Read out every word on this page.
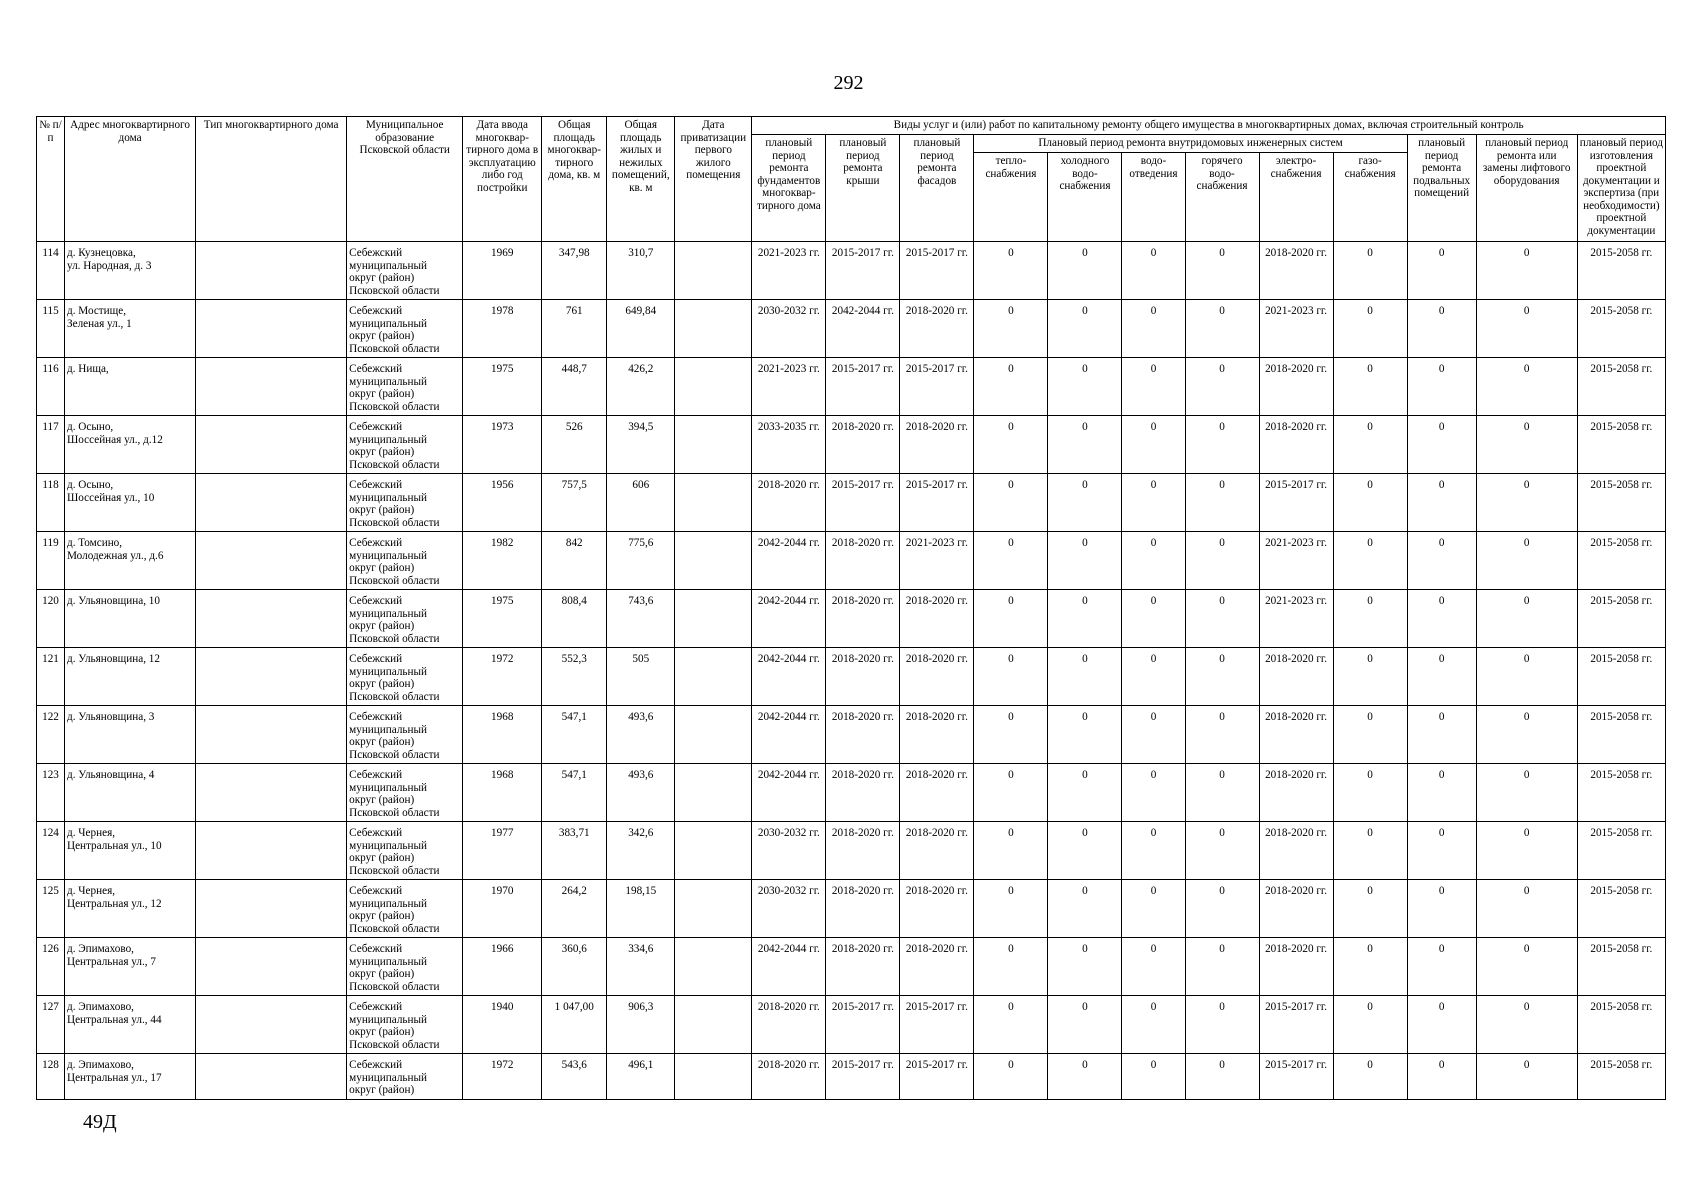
292
№ п/п	Адрес многоквартирного дома	Тип многоквартирного дома	Муниципальное образование Псковской области	Дата ввода многоквар-тирного дома в эксплуатацию либо год постройки	Общая площадь многоквар-тирного дома, кв. м	Общая площадь жилых и нежилых помещений, кв. м	Дата приватизации первого жилого помещения	Виды услуг и (или) работ по капитальному ремонту общего имущества в многоквартирных домах, включая строительный контроль											
								плановый период ремонта фундаментов многоквар-тирного дома	плановый период ремонта крыши	плановый период ремонта фасадов	Плановый период ремонта внутридомовых инженерных систем						плановый период ремонта подвальных помещений	плановый период ремонта или замены лифтового оборудования	плановый период изготовления проектной документации и экспертиза (при необходимости) проектной документации
											тепло-снабжения	холодного водо-снабжения	водо-отведения	горячего водо-снабжения	электро-снабжения	газо-снабжения			
114	д. Кузнецовка,
ул. Народная, д. 3		Себежский
муниципальный
округ (район)
Псковской области	1969	347,98	310,7		2021-2023 гг.	2015-2017 гг.	2015-2017 гг.	0	0	0	0	2018-2020 гг.	0	0	0	2015-2058 гг.
115	д. Мостище,
Зеленая ул., 1		Себежский
муниципальный
округ (район)
Псковской области	1978	761	649,84		2030-2032 гг.	2042-2044 гг.	2018-2020 гг.	0	0	0	0	2021-2023 гг.	0	0	0	2015-2058 гг.
116	д. Нища,		Себежский
муниципальный
округ (район)
Псковской области	1975	448,7	426,2		2021-2023 гг.	2015-2017 гг.	2015-2017 гг.	0	0	0	0	2018-2020 гг.	0	0	0	2015-2058 гг.
117	д. Осыно,
Шоссейная ул., д.12		Себежский
муниципальный
округ (район)
Псковской области	1973	526	394,5		2033-2035 гг.	2018-2020 гг.	2018-2020 гг.	0	0	0	0	2018-2020 гг.	0	0	0	2015-2058 гг.
118	д. Осыно,
Шоссейная ул., 10		Себежский
муниципальный
округ (район)
Псковской области	1956	757,5	606		2018-2020 гг.	2015-2017 гг.	2015-2017 гг.	0	0	0	0	2015-2017 гг.	0	0	0	2015-2058 гг.
119	д. Томсино,
Молодежная ул., д.6		Себежский
муниципальный
округ (район)
Псковской области	1982	842	775,6		2042-2044 гг.	2018-2020 гг.	2021-2023 гг.	0	0	0	0	2021-2023 гг.	0	0	0	2015-2058 гг.
120	д. Ульяновщина, 10		Себежский
муниципальный
округ (район)
Псковской области	1975	808,4	743,6		2042-2044 гг.	2018-2020 гг.	2018-2020 гг.	0	0	0	0	2021-2023 гг.	0	0	0	2015-2058 гг.
121	д. Ульяновщина, 12		Себежский
муниципальный
округ (район)
Псковской области	1972	552,3	505		2042-2044 гг.	2018-2020 гг.	2018-2020 гг.	0	0	0	0	2018-2020 гг.	0	0	0	2015-2058 гг.
122	д. Ульяновщина, 3		Себежский
муниципальный
округ (район)
Псковской области	1968	547,1	493,6		2042-2044 гг.	2018-2020 гг.	2018-2020 гг.	0	0	0	0	2018-2020 гг.	0	0	0	2015-2058 гг.
123	д. Ульяновщина, 4		Себежский
муниципальный
округ (район)
Псковской области	1968	547,1	493,6		2042-2044 гг.	2018-2020 гг.	2018-2020 гг.	0	0	0	0	2018-2020 гг.	0	0	0	2015-2058 гг.
124	д. Чернея,
Центральная ул., 10		Себежский
муниципальный
округ (район)
Псковской области	1977	383,71	342,6		2030-2032 гг.	2018-2020 гг.	2018-2020 гг.	0	0	0	0	2018-2020 гг.	0	0	0	2015-2058 гг.
125	д. Чернея,
Центральная ул., 12		Себежский
муниципальный
округ (район)
Псковской области	1970	264,2	198,15		2030-2032 гг.	2018-2020 гг.	2018-2020 гг.	0	0	0	0	2018-2020 гг.	0	0	0	2015-2058 гг.
126	д. Эпимахово,
Центральная ул., 7		Себежский
муниципальный
округ (район)
Псковской области	1966	360,6	334,6		2042-2044 гг.	2018-2020 гг.	2018-2020 гг.	0	0	0	0	2018-2020 гг.	0	0	0	2015-2058 гг.
127	д. Эпимахово,
Центральная ул., 44		Себежский
муниципальный
округ (район)
Псковской области	1940	1 047,00	906,3		2018-2020 гг.	2015-2017 гг.	2015-2017 гг.	0	0	0	0	2015-2017 гг.	0	0	0	2015-2058 гг.
128	д. Эпимахово,
Центральная ул., 17		Себежский
муниципальный
округ (район)	1972	543,6	496,1		2018-2020 гг.	2015-2017 гг.	2015-2017 гг.	0	0	0	0	2015-2017 гг.	0	0	0	2015-2058 гг.
49Д
